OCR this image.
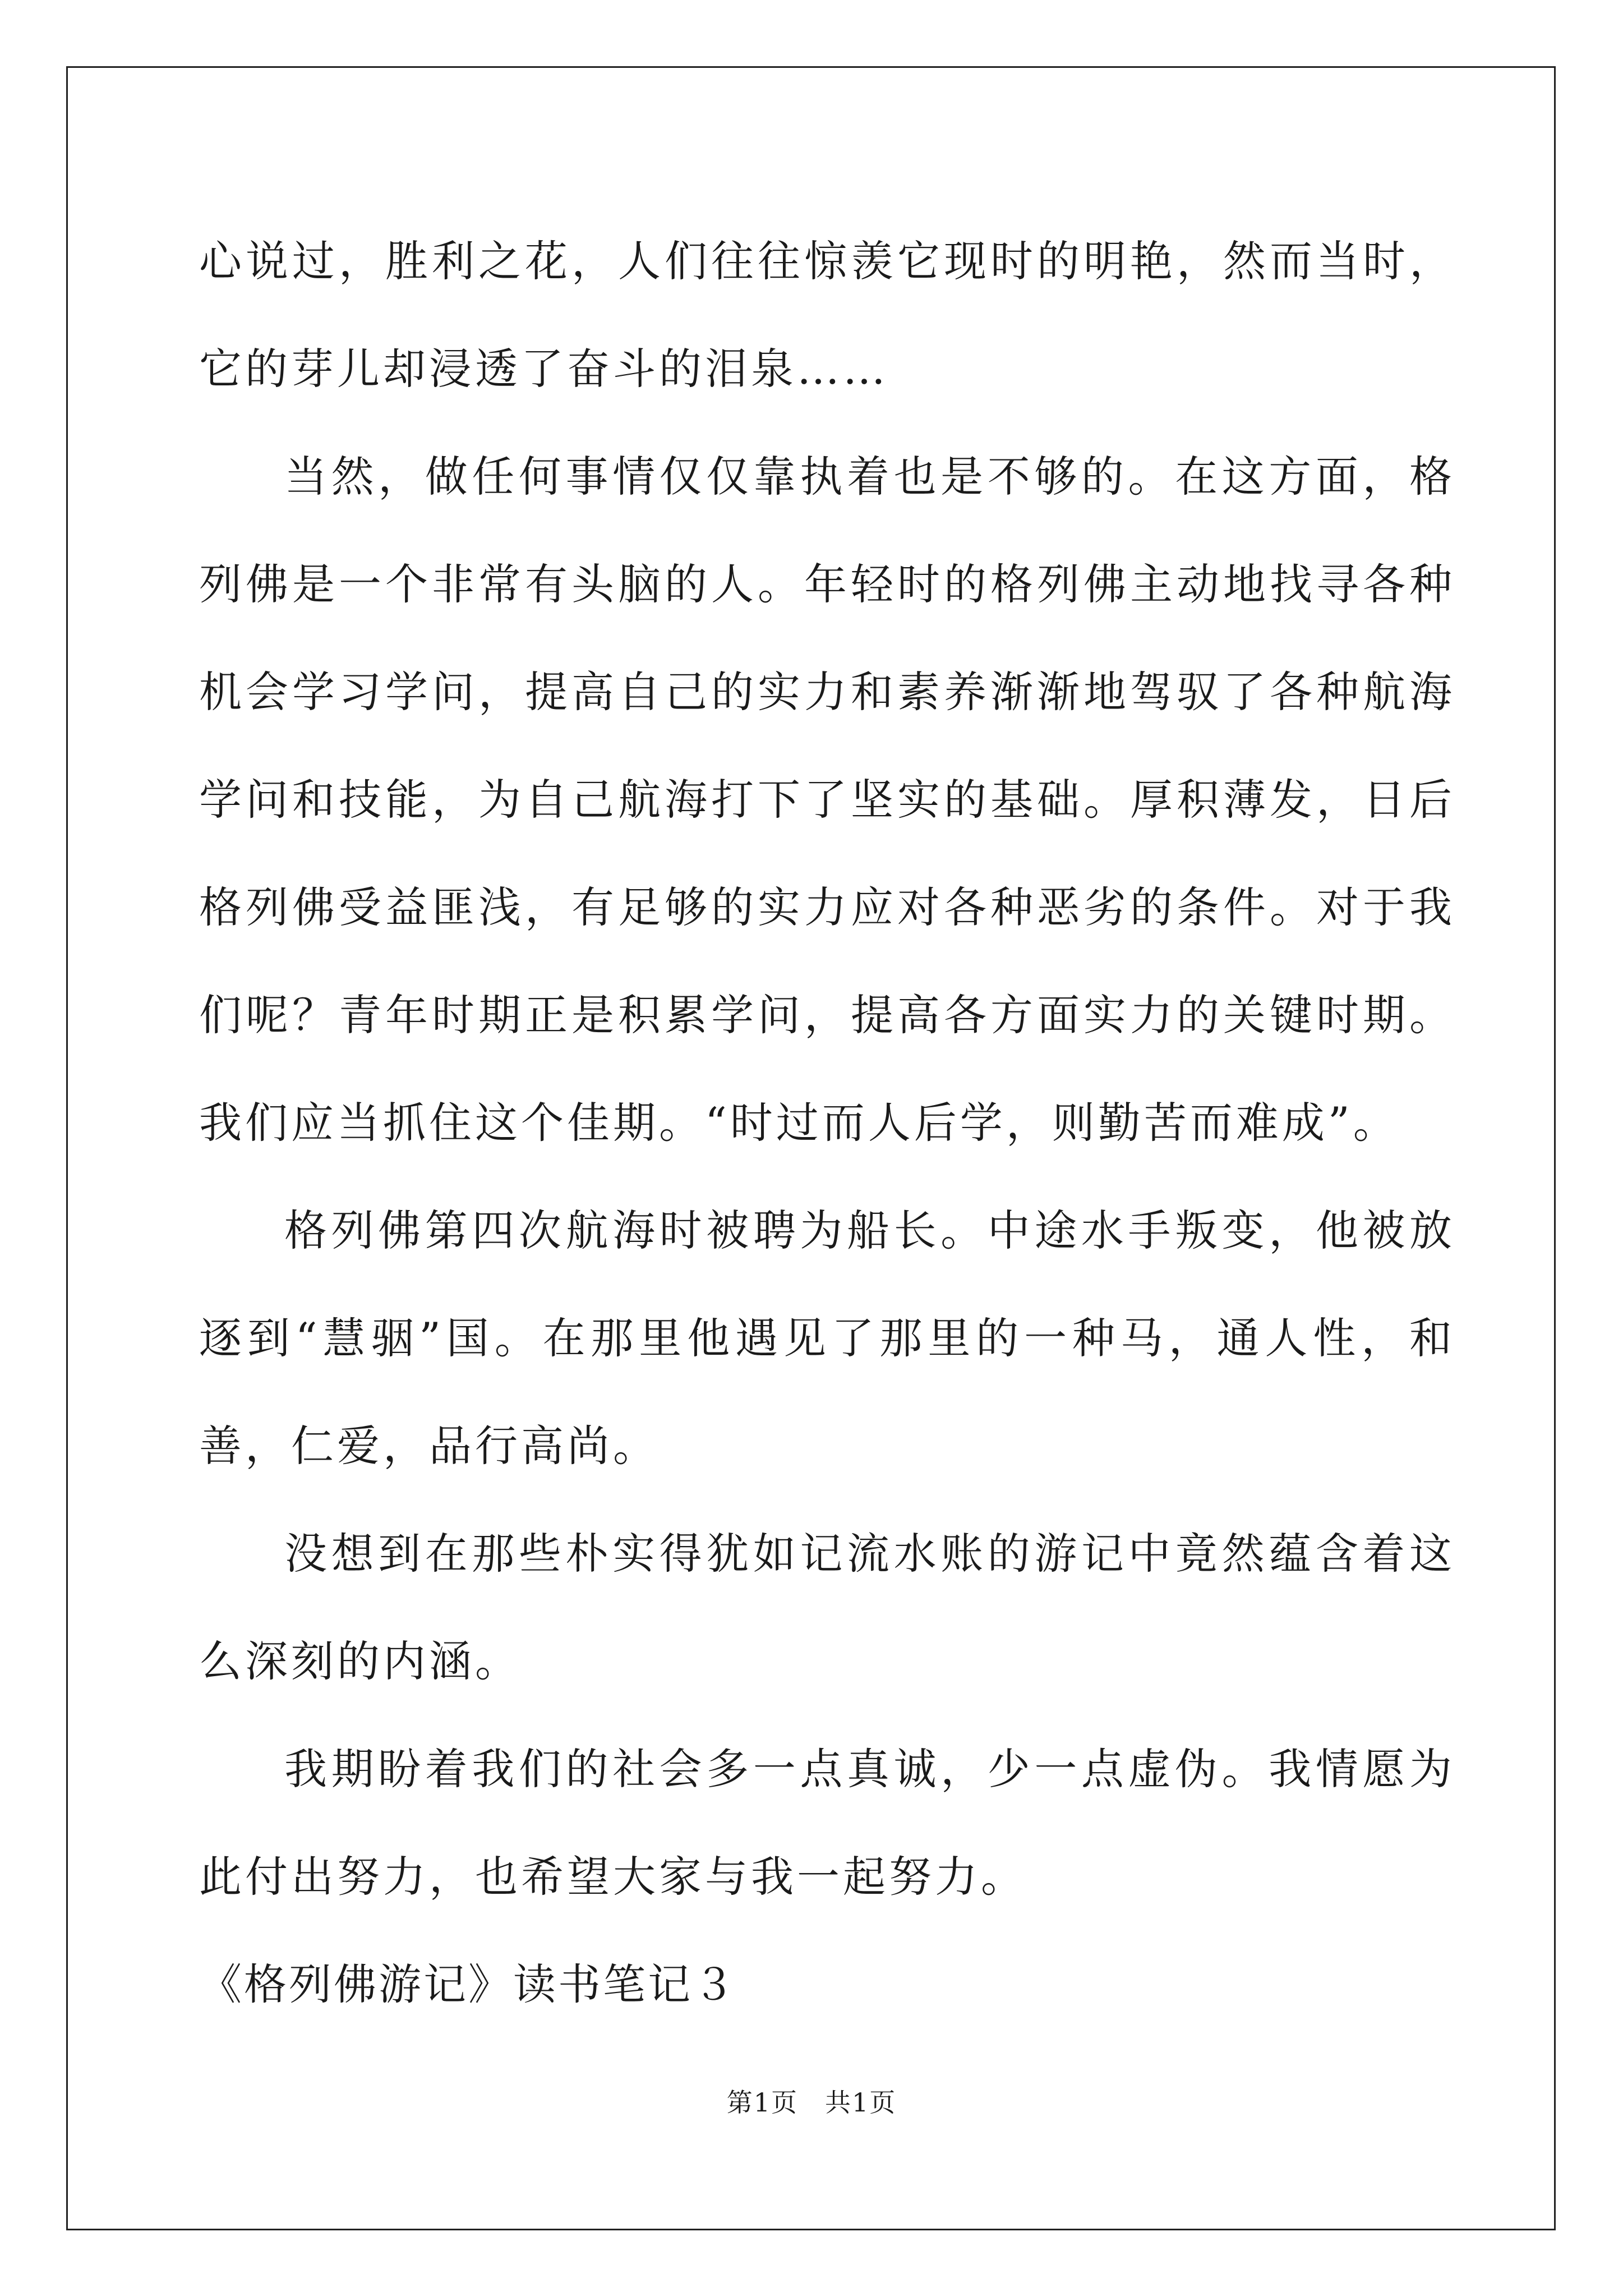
心说过，胜利之花，人们往往惊羡它现时的明艳，然而当时，它的芽儿却浸透了奋斗的泪泉……

当然，做任何事情仅仅靠执着也是不够的。在这方面，格列佛是一个非常有头脑的人。年轻时的格列佛主动地找寻各种机会学习学问，提高自己的实力和素养渐渐地驾驭了各种航海学问和技能，为自己航海打下了坚实的基础。厚积薄发，日后格列佛受益匪浅，有足够的实力应对各种恶劣的条件。对于我们呢？青年时期正是积累学问，提高各方面实力的关键时期。我们应当抓住这个佳期。“时过而人后学，则勤苦而难成”。

格列佛第四次航海时被聘为船长。中途水手叛变，他被放逐到“慧骃”国。在那里他遇见了那里的一种马，通人性，和善，仁爱，品行高尚。

没想到在那些朴实得犹如记流水账的游记中竟然蕴含着这么深刻的内涵。

我期盼着我们的社会多一点真诚，少一点虚伪。我情愿为此付出努力，也希望大家与我一起努力。

《格列佛游记》读书笔记３

第1页 共1页
